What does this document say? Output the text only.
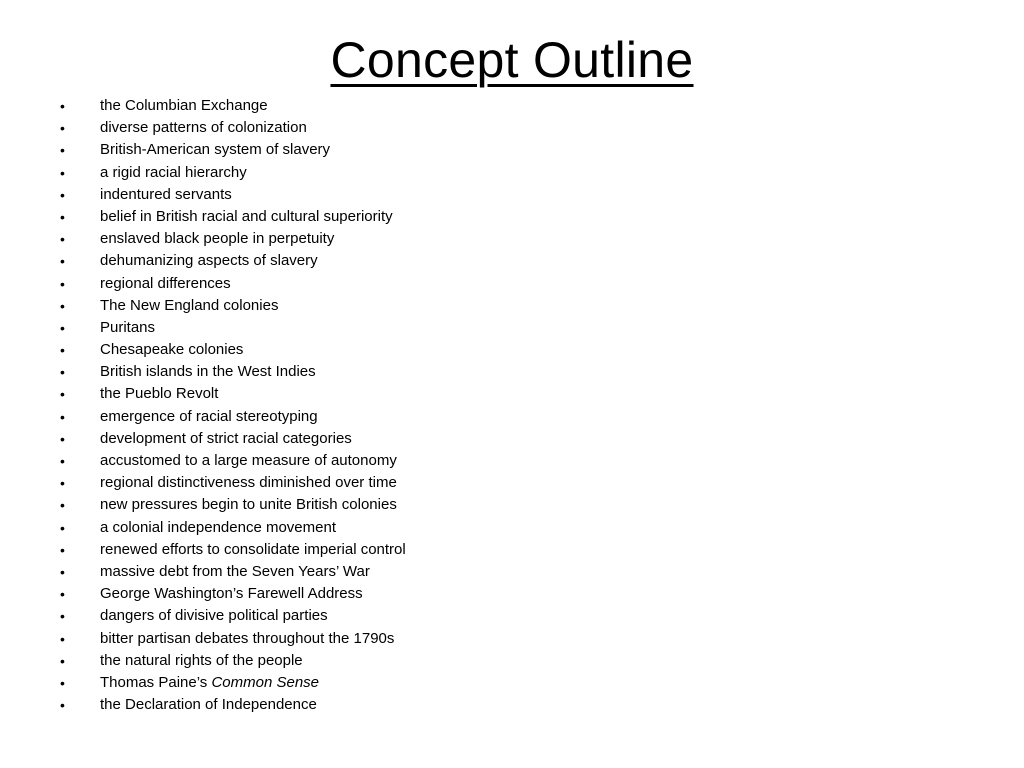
Concept Outline
•	the Columbian Exchange
•	diverse patterns of colonization
•	British-American system of slavery
•	a rigid racial hierarchy
•	indentured servants
•	belief in British racial and cultural superiority
•	enslaved black people in perpetuity
•	dehumanizing aspects of slavery
•	regional differences
•	The New England colonies
•	Puritans
•	Chesapeake colonies
•	British islands in the West Indies
•	the Pueblo Revolt
•	emergence of racial stereotyping
•	development of strict racial categories
•	accustomed to a large measure of autonomy
•	regional distinctiveness diminished over time
•	new pressures begin to unite British colonies
•	a colonial independence movement
•	renewed efforts to consolidate imperial control
•	massive debt from the Seven Years’ War
•	George Washington’s Farewell Address
•	dangers of divisive political parties
•	bitter partisan debates throughout the 1790s
•	the natural rights of the people
•	Thomas Paine’s Common Sense
•	the Declaration of Independence
